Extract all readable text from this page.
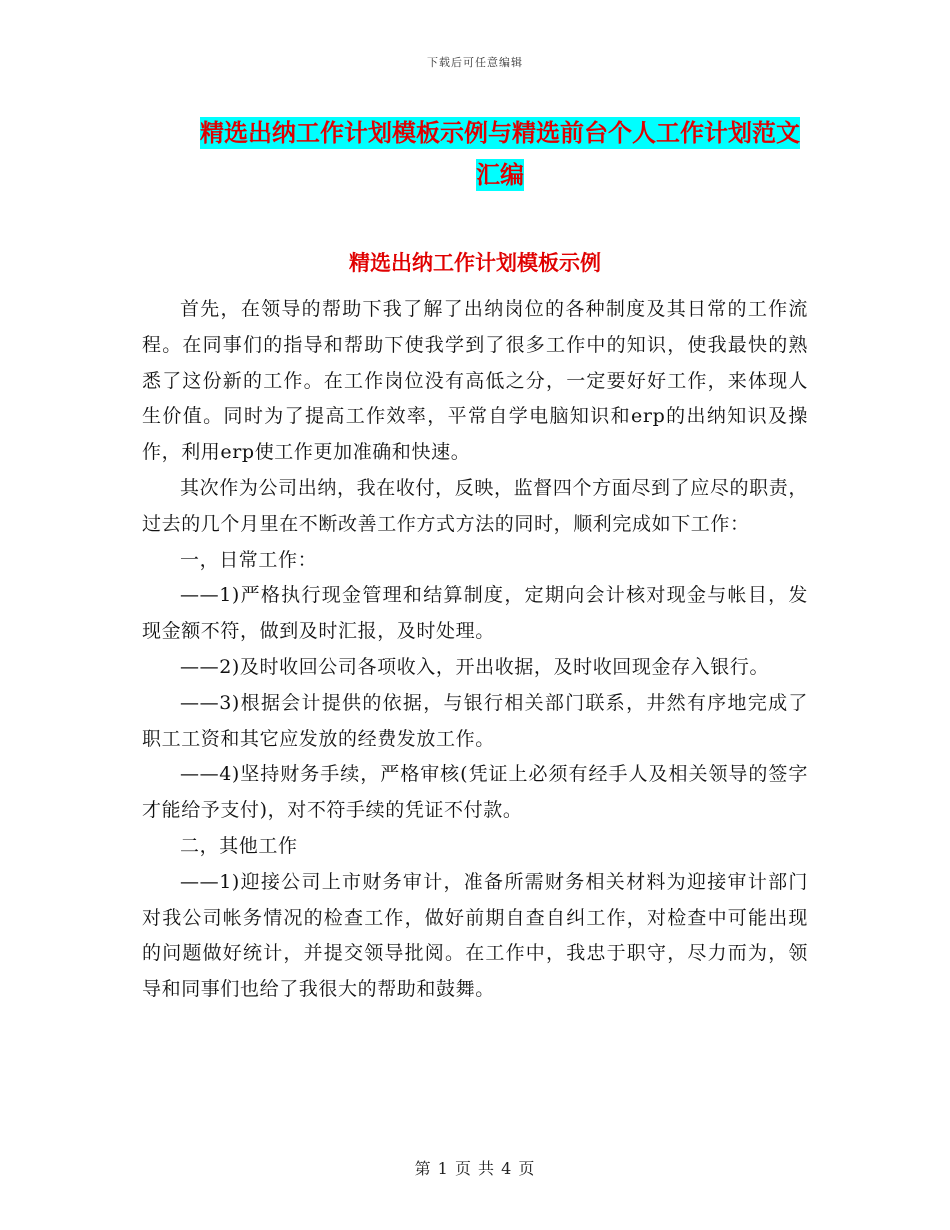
下载后可任意编辑
精选出纳工作计划模板示例与精选前台个人工作计划范文汇编
精选出纳工作计划模板示例

首先，在领导的帮助下我了解了出纳岗位的各种制度及其日常的工作流程。在同事们的指导和帮助下使我学到了很多工作中的知识，使我最快的熟悉了这份新的工作。在工作岗位没有高低之分，一定要好好工作，来体现人生价值。同时为了提高工作效率，平常自学电脑知识和erp的出纳知识及操作，利用erp使工作更加准确和快速。

其次作为公司出纳，我在收付，反映，监督四个方面尽到了应尽的职责，过去的几个月里在不断改善工作方式方法的同时，顺利完成如下工作：

一，日常工作：

——1)严格执行现金管理和结算制度，定期向会计核对现金与帐目，发现金额不符，做到及时汇报，及时处理。

——2)及时收回公司各项收入，开出收据，及时收回现金存入银行。

——3)根据会计提供的依据，与银行相关部门联系，井然有序地完成了职工工资和其它应发放的经费发放工作。

——4)坚持财务手续，严格审核(凭证上必须有经手人及相关领导的签字才能给予支付)，对不符手续的凭证不付款。

二，其他工作

——1)迎接公司上市财务审计，准备所需财务相关材料为迎接审计部门对我公司帐务情况的检查工作，做好前期自查自纠工作，对检查中可能出现的问题做好统计，并提交领导批阅。在工作中，我忠于职守，尽力而为，领导和同事们也给了我很大的帮助和鼓舞。

第 1 页 共 4 页
